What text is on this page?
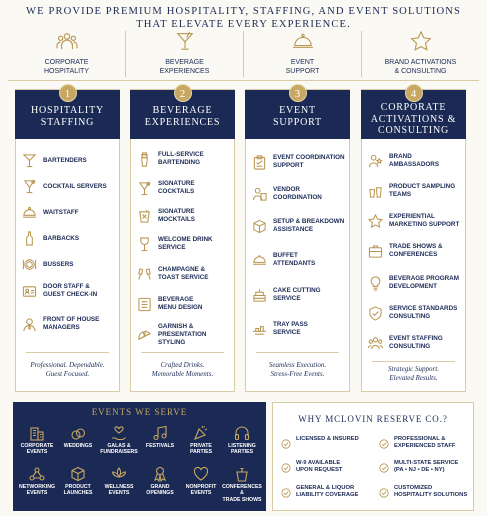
WE PROVIDE PREMIUM HOSPITALITY, STAFFING, AND EVENT SOLUTIONS
THAT ELEVATE EVERY EXPERIENCE.
CORPORATE
HOSPITALITY
BEVERAGE
EXPERIENCES
EVENT
SUPPORT
BRAND ACTIVATIONS
& CONSULTING
1
HOSPITALITY
STAFFING
BARTENDERS
COCKTAIL SERVERS
WAITSTAFF
BARBACKS
BUSSERS
DOOR STAFF &
GUEST CHECK-IN
FRONT OF HOUSE
MANAGERS
Professional. Dependable.
Guest Focused.
2
BEVERAGE
EXPERIENCES
FULL-SERVICE
BARTENDING
SIGNATURE
COCKTAILS
SIGNATURE
MOCKTAILS
WELCOME DRINK
SERVICE
CHAMPAGNE &
TOAST SERVICE
BEVERAGE
MENU DESIGN
GARNISH &
PRESENTATION
STYLING
Crafted Drinks.
Memorable Moments.
3
EVENT
SUPPORT
EVENT COORDINATION
SUPPORT
VENDOR
COORDINATION
SETUP & BREAKDOWN
ASSISTANCE
BUFFET
ATTENDANTS
CAKE CUTTING
SERVICE
TRAY PASS
SERVICE
Seamless Execution.
Stress-Free Events.
4
CORPORATE
ACTIVATIONS &
CONSULTING
BRAND
AMBASSADORS
PRODUCT SAMPLING
TEAMS
EXPERIENTIAL
MARKETING SUPPORT
TRADE SHOWS &
CONFERENCES
BEVERAGE PROGRAM
DEVELOPMENT
SERVICE STANDARDS
CONSULTING
EVENT STAFFING
CONSULTING
Strategic Support.
Elevated Results.
EVENTS WE SERVE
CORPORATE
EVENTS
WEDDINGS	GALAS &
FUNDRAISERS
FESTIVALS	PRIVATE
PARTIES
LISTENING
PARTIES
NETWORKING
EVENTS
PRODUCT
LAUNCHES
WELLNESS
EVENTS
GRAND
OPENINGS
NONPROFIT
EVENTS
CONFERENCES &
TRADE SHOWS
WHY MCLOVIN RESERVE CO.?
LICENSED & INSURED	PROFESSIONAL &
EXPERIENCED STAFF
W-9 AVAILABLE
UPON REQUEST
MULTI-STATE SERVICE
(PA • NJ • DE • NY)
GENERAL & LIQUOR
LIABILITY COVERAGE
CUSTOMIZED
HOSPITALITY SOLUTIONS
